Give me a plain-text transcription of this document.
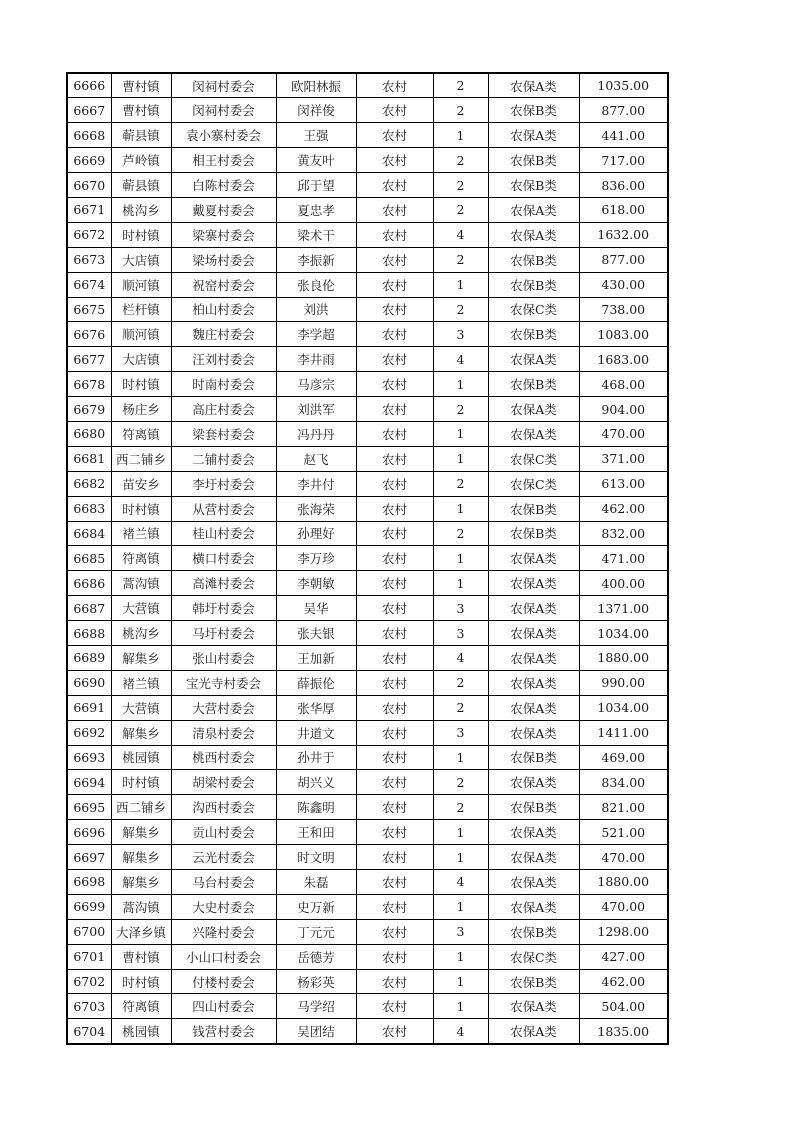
6666	曹村镇	闵祠村委会	欧阳林振	农村	2	农保A类	1035.00
6667	曹村镇	闵祠村委会	闵祥俊	农村	2	农保B类	877.00
6668	蕲县镇	袁小寨村委会	王强	农村	1	农保A类	441.00
6669	芦岭镇	相王村委会	黄友叶	农村	2	农保B类	717.00
6670	蕲县镇	白陈村委会	邱于望	农村	2	农保B类	836.00
6671	桃沟乡	戴夏村委会	夏忠孝	农村	2	农保A类	618.00
6672	时村镇	梁寨村委会	梁术干	农村	4	农保A类	1632.00
6673	大店镇	梁场村委会	李振新	农村	2	农保B类	877.00
6674	顺河镇	祝窑村委会	张良伦	农村	1	农保B类	430.00
6675	栏杆镇	柏山村委会	刘洪	农村	2	农保C类	738.00
6676	顺河镇	魏庄村委会	李学超	农村	3	农保B类	1083.00
6677	大店镇	汪刘村委会	李井雨	农村	4	农保A类	1683.00
6678	时村镇	时南村委会	马彦宗	农村	1	农保B类	468.00
6679	杨庄乡	高庄村委会	刘洪军	农村	2	农保A类	904.00
6680	符离镇	梁套村委会	冯丹丹	农村	1	农保A类	470.00
6681	西二铺乡	二铺村委会	赵飞	农村	1	农保C类	371.00
6682	苗安乡	李圩村委会	李井付	农村	2	农保C类	613.00
6683	时村镇	从营村委会	张海荣	农村	1	农保B类	462.00
6684	褚兰镇	桂山村委会	孙理好	农村	2	农保B类	832.00
6685	符离镇	横口村委会	李万珍	农村	1	农保A类	471.00
6686	蒿沟镇	高滩村委会	李朝敏	农村	1	农保A类	400.00
6687	大营镇	韩圩村委会	吴华	农村	3	农保A类	1371.00
6688	桃沟乡	马圩村委会	张夫银	农村	3	农保A类	1034.00
6689	解集乡	张山村委会	王加新	农村	4	农保A类	1880.00
6690	褚兰镇	宝光寺村委会	薛振伦	农村	2	农保A类	990.00
6691	大营镇	大营村委会	张华厚	农村	2	农保A类	1034.00
6692	解集乡	清泉村委会	井道文	农村	3	农保A类	1411.00
6693	桃园镇	桃西村委会	孙井于	农村	1	农保B类	469.00
6694	时村镇	胡梁村委会	胡兴义	农村	2	农保A类	834.00
6695	西二铺乡	沟西村委会	陈鑫明	农村	2	农保B类	821.00
6696	解集乡	贡山村委会	王和田	农村	1	农保A类	521.00
6697	解集乡	云光村委会	时文明	农村	1	农保A类	470.00
6698	解集乡	马台村委会	朱磊	农村	4	农保A类	1880.00
6699	蒿沟镇	大史村委会	史万新	农村	1	农保A类	470.00
6700	大泽乡镇	兴隆村委会	丁元元	农村	3	农保B类	1298.00
6701	曹村镇	小山口村委会	岳德芳	农村	1	农保C类	427.00
6702	时村镇	付楼村委会	杨彩英	农村	1	农保B类	462.00
6703	符离镇	四山村委会	马学绍	农村	1	农保A类	504.00
6704	桃园镇	钱营村委会	吴团结	农村	4	农保A类	1835.00
